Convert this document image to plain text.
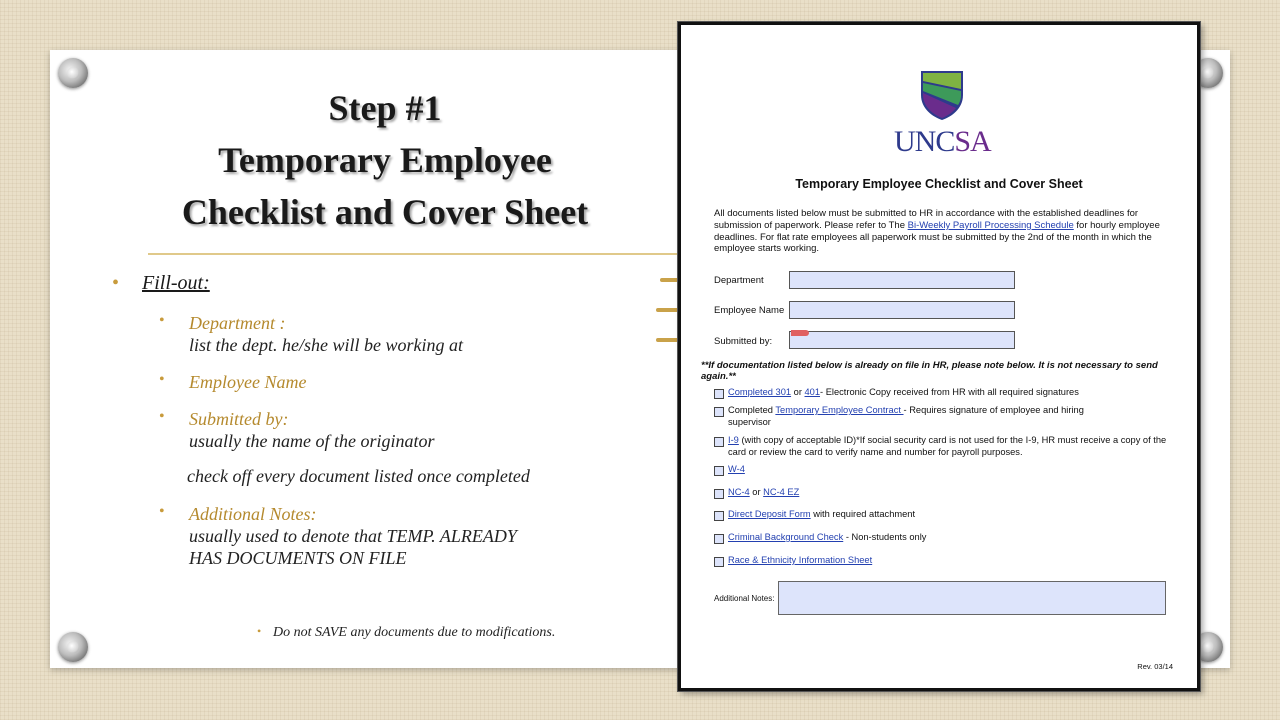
Step #1
Temporary Employee
Checklist and Cover Sheet
• Fill-out:
• Department :
list the dept. he/she will be working at
• Employee Name
• Submitted by:
usually the name of the originator
check off every document listed once completed
• Additional Notes:
usually used to denote that TEMP. ALREADY
HAS DOCUMENTS ON FILE
• Do not SAVE any documents due to modifications.
UNCSA
Temporary Employee Checklist and Cover Sheet
All documents listed below must be submitted to HR in accordance with the established deadlines for submission of paperwork. Please refer to The Bi-Weekly Payroll Processing Schedule for hourly employee deadlines. For flat rate employees all paperwork must be submitted by the 2nd of the month in which the employee starts working.
Department
Employee Name
Submitted by:
**If documentation listed below is already on file in HR, please note below. It is not necessary to send again.**
Completed 301 or 401- Electronic Copy received from HR with all required signatures
Completed Temporary Employee Contract - Requires signature of employee and hiring supervisor
I-9 (with copy of acceptable ID)*If social security card is not used for the I-9, HR must receive a copy of the card or review the card to verify name and number for payroll purposes.
W-4
NC-4 or NC-4 EZ
Direct Deposit Form with required attachment
Criminal Background Check - Non-students only
Race & Ethnicity Information Sheet
Additional Notes:
Rev. 03/14
